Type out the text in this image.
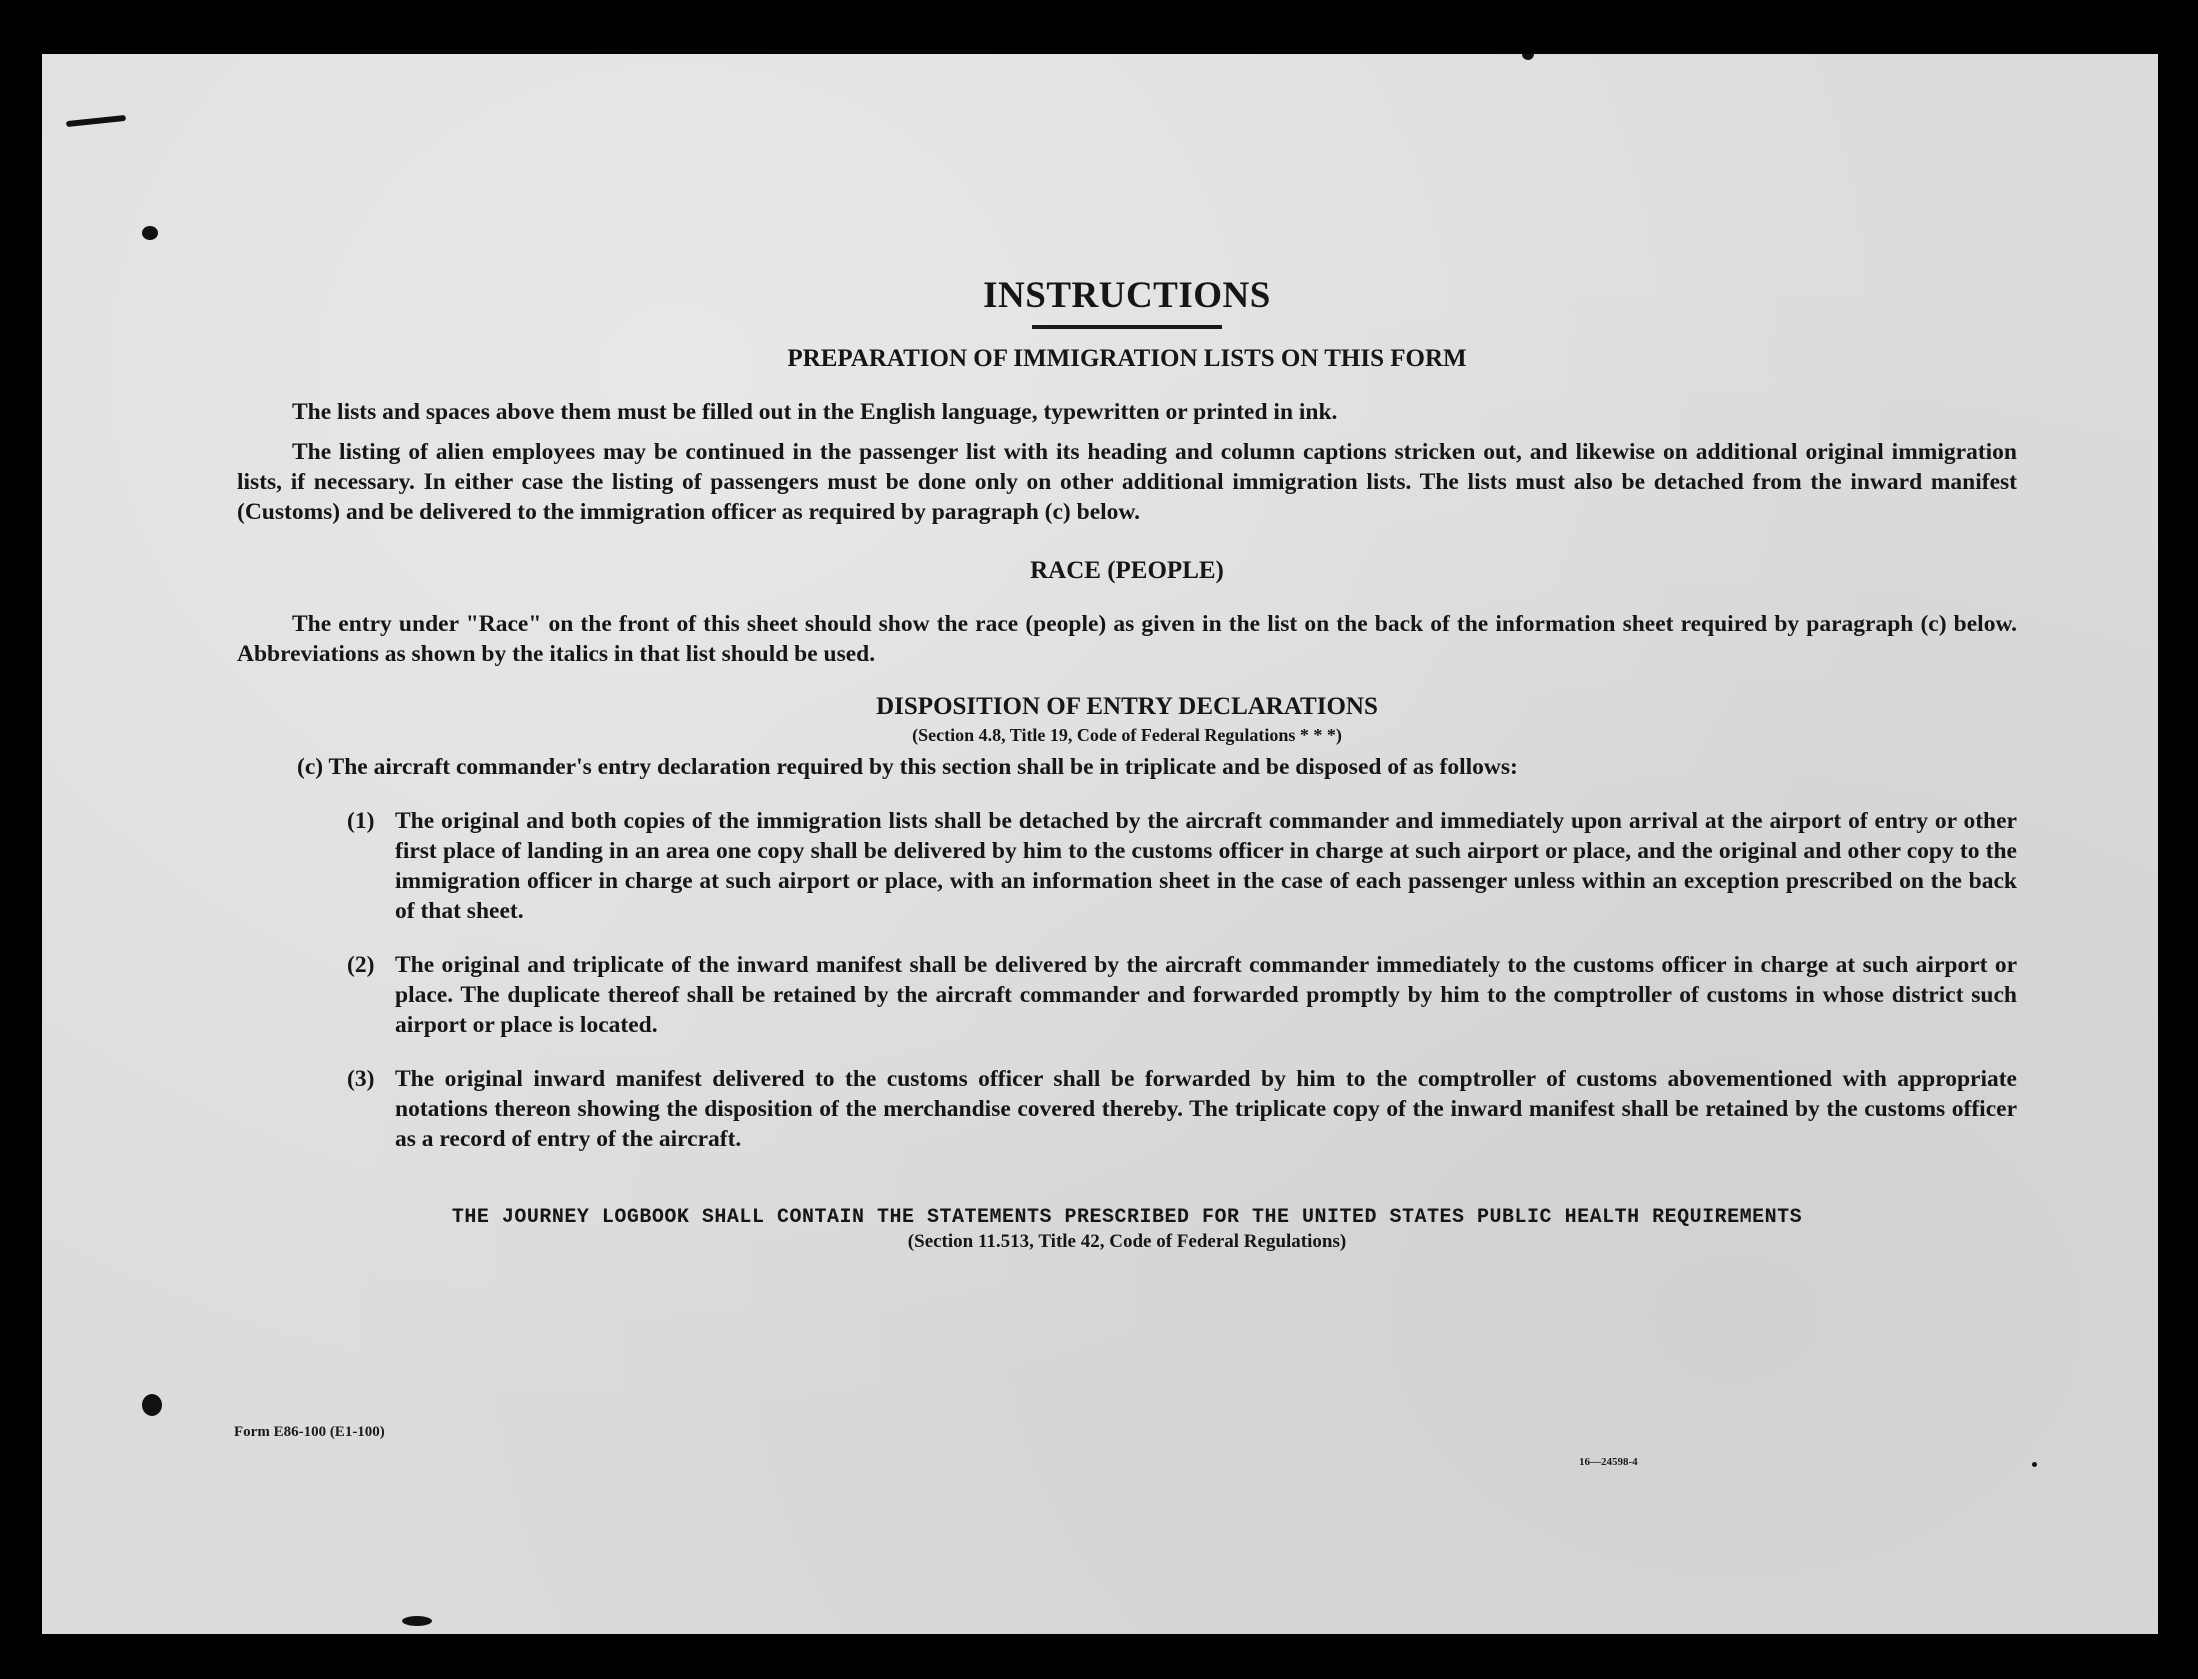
INSTRUCTIONS
PREPARATION OF IMMIGRATION LISTS ON THIS FORM

The lists and spaces above them must be filled out in the English language, typewritten or printed in ink.

The listing of alien employees may be continued in the passenger list with its heading and column captions stricken out, and likewise on additional original immigration lists, if necessary. In either case the listing of passengers must be done only on other additional immigration lists. The lists must also be detached from the inward manifest (Customs) and be delivered to the immigration officer as required by paragraph (c) below.

RACE (PEOPLE)

The entry under "Race" on the front of this sheet should show the race (people) as given in the list on the back of the information sheet required by paragraph (c) below. Abbreviations as shown by the italics in that list should be used.

DISPOSITION OF ENTRY DECLARATIONS

(Section 4.8, Title 19, Code of Federal Regulations * * *)

(c) The aircraft commander's entry declaration required by this section shall be in triplicate and be disposed of as follows:

(1) The original and both copies of the immigration lists shall be detached by the aircraft commander and immediately upon arrival at the airport of entry or other first place of landing in an area one copy shall be delivered by him to the customs officer in charge at such airport or place, and the original and other copy to the immigration officer in charge at such airport or place, with an information sheet in the case of each passenger unless within an exception prescribed on the back of that sheet.
(2) The original and triplicate of the inward manifest shall be delivered by the aircraft commander immediately to the customs officer in charge at such airport or place. The duplicate thereof shall be retained by the aircraft commander and forwarded promptly by him to the comptroller of customs in whose district such airport or place is located.
(3) The original inward manifest delivered to the customs officer shall be forwarded by him to the comptroller of customs abovementioned with appropriate notations thereon showing the disposition of the merchandise covered thereby. The triplicate copy of the inward manifest shall be retained by the customs officer as a record of entry of the aircraft.

THE JOURNEY LOGBOOK SHALL CONTAIN THE STATEMENTS PRESCRIBED FOR THE UNITED STATES PUBLIC HEALTH REQUIREMENTS

(Section 11.513, Title 42, Code of Federal Regulations)

Form E86-100 (E1-100)
16—24598-4
